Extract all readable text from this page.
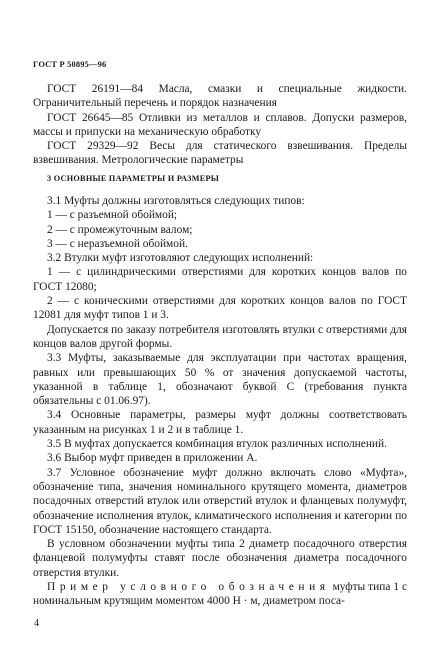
ГОСТ Р 50895—96

ГОСТ 26191—84 Масла, смазки и специальные жидкости. Ограничительный перечень и порядок назначения

ГОСТ 26645—85 Отливки из металлов и сплавов. Допуски размеров, массы и припуски на механическую обработку

ГОСТ 29329—92 Весы для статического взвешивания. Пределы взвешивания. Метрологические параметры

3 ОСНОВНЫЕ ПАРАМЕТРЫ И РАЗМЕРЫ

3.1 Муфты должны изготовляться следующих типов:

1 — с разъемной обоймой;

2 — с промежуточным валом;

3 — с неразъемной обоймой.

3.2 Втулки муфт изготовляют следующих исполнений:

1 — с цилиндрическими отверстиями для коротких концов валов по ГОСТ 12080;

2 — с коническими отверстиями для коротких концов валов по ГОСТ 12081 для муфт типов 1 и 3.

Допускается по заказу потребителя изготовлять втулки с отверстиями для концов валов другой формы.

3.3 Муфты, заказываемые для эксплуатации при частотах вращения, равных или превышающих 50 % от значения допускаемой частоты, указанной в таблице 1, обозначают буквой С (требования пункта обязательны с 01.06.97).

3.4 Основные параметры, размеры муфт должны соответствовать указанным на рисунках 1 и 2 и в таблице 1.

3.5 В муфтах допускается комбинация втулок различных исполнений.

3.6 Выбор муфт приведен в приложении А.

3.7 Условное обозначение муфт должно включать слово «Муфта», обозначение типа, значения номинального крутящего момента, диаметров посадочных отверстий втулок или отверстий втулок и фланцевых полумуфт, обозначение исполнения втулок, климатического исполнения и категории по ГОСТ 15150, обозначение настоящего стандарта.

В условном обозначении муфты типа 2 диаметр посадочного отверстия фланцевой полумуфты ставят после обозначения диаметра посадочного отверстия втулки.

Пример условного обозначения муфты типа 1 с номинальным крутящим моментом 4000 Н · м, диаметром поса-

4
